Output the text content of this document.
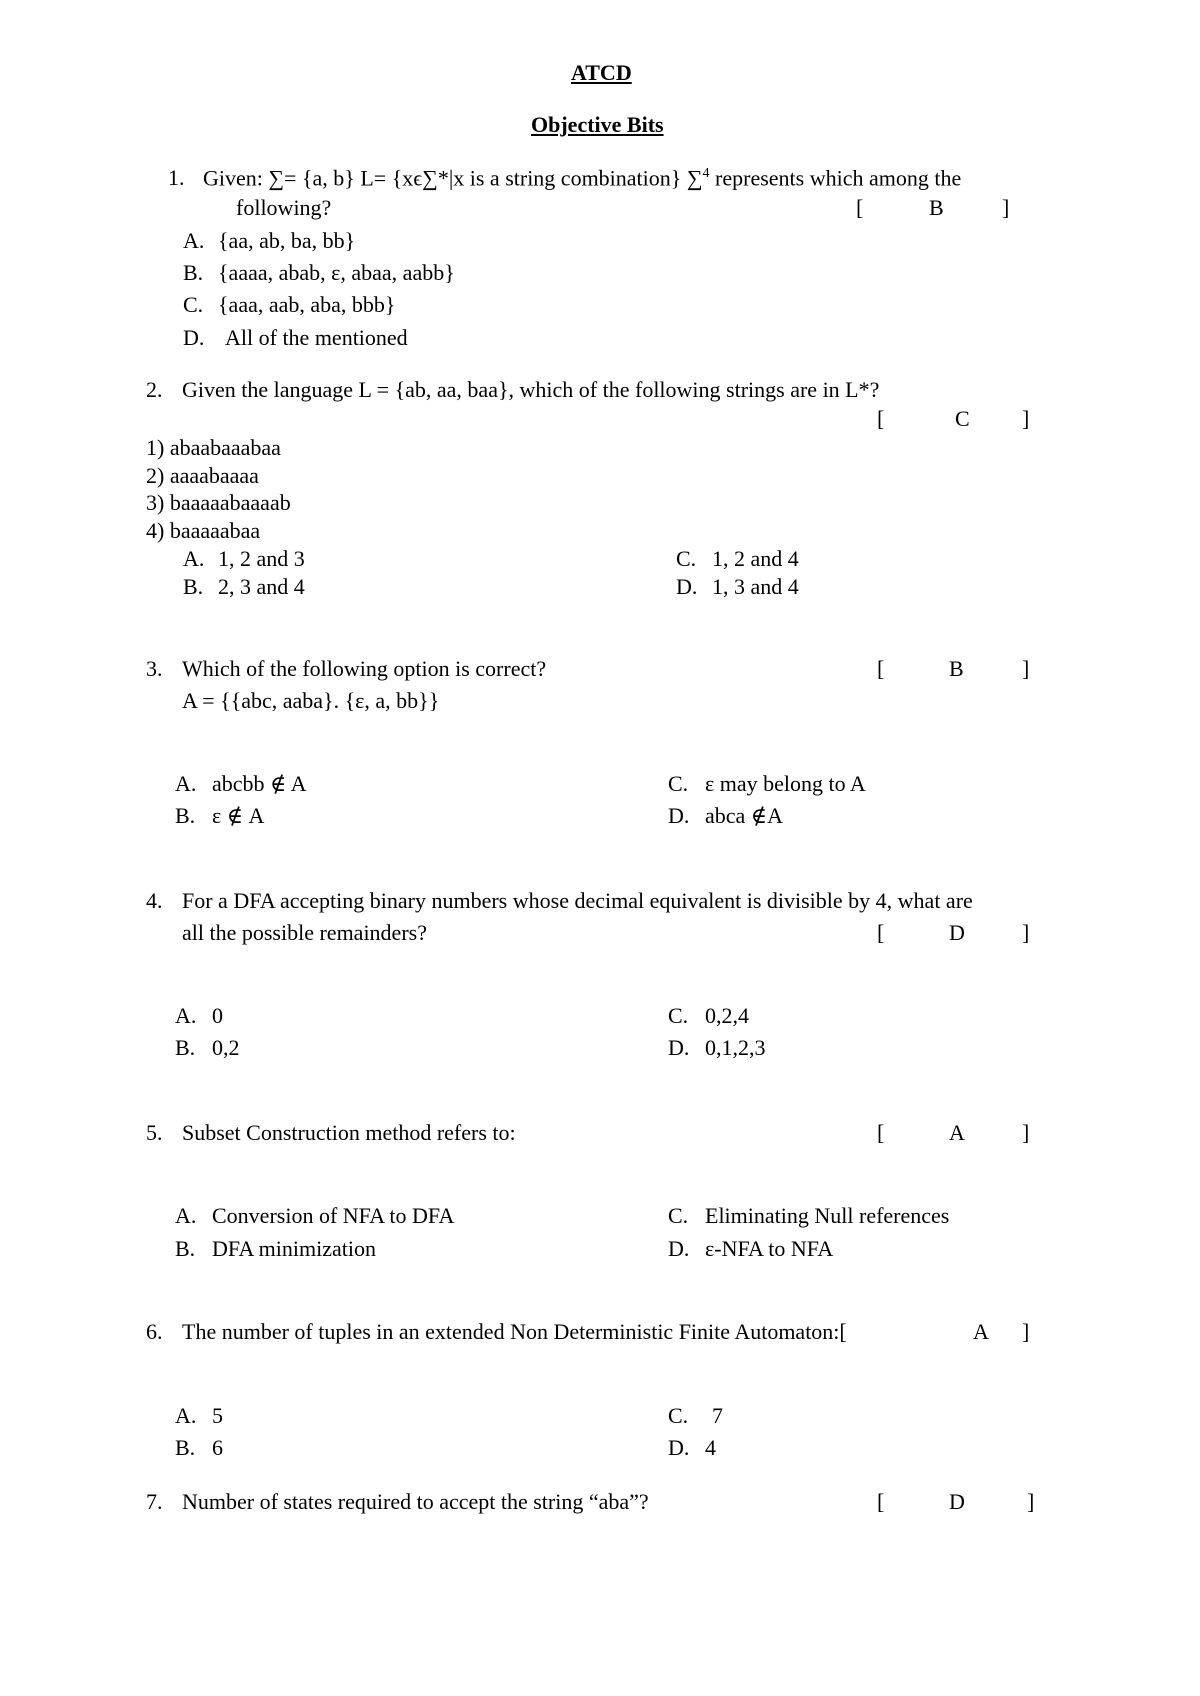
ATCD
Objective Bits
1. Given: ∑= {a, b} L= {xϵ∑*|x is a string combination} ∑$^4$ represents which among the
following?	[	B	]
A. {aa, ab, ba, bb}
B. {aaaa, abab, ε, abaa, aabb}
C. {aaa, aab, aba, bbb}
D. All of the mentioned
2. Given the language L = {ab, aa, baa}, which of the following strings are in L*?
[	C ]
1) abaabaaabaa
2) aaaabaaaa
3) baaaaabaaaab
4) baaaaabaa
A. 1, 2 and 3
B. 2, 3 and 4
C. 1, 2 and 4
D. 1, 3 and 4
3. Which of the following option is correct?	[	B	]
A = {{abc, aaba}. {ε, a, bb}}
A. abcbb ∉ A
B. ε ∉ A
C. ε may belong to A
D. abca ∉A
4. For a DFA accepting binary numbers whose decimal equivalent is divisible by 4, what are
all the possible remainders?	[	D	]
A. 0
B. 0,2
C. 0,2,4
D. 0,1,2,3
5. Subset Construction method refers to:	[	A	]
A. Conversion of NFA to DFA
B. DFA minimization
C. Eliminating Null references
D. ε-NFA to NFA
6. The number of tuples in an extended Non Deterministic Finite Automaton:[	A ]
A. 5
B. 6
C. 7
D. 4
7. Number of states required to accept the string “aba”?	[	D	]
